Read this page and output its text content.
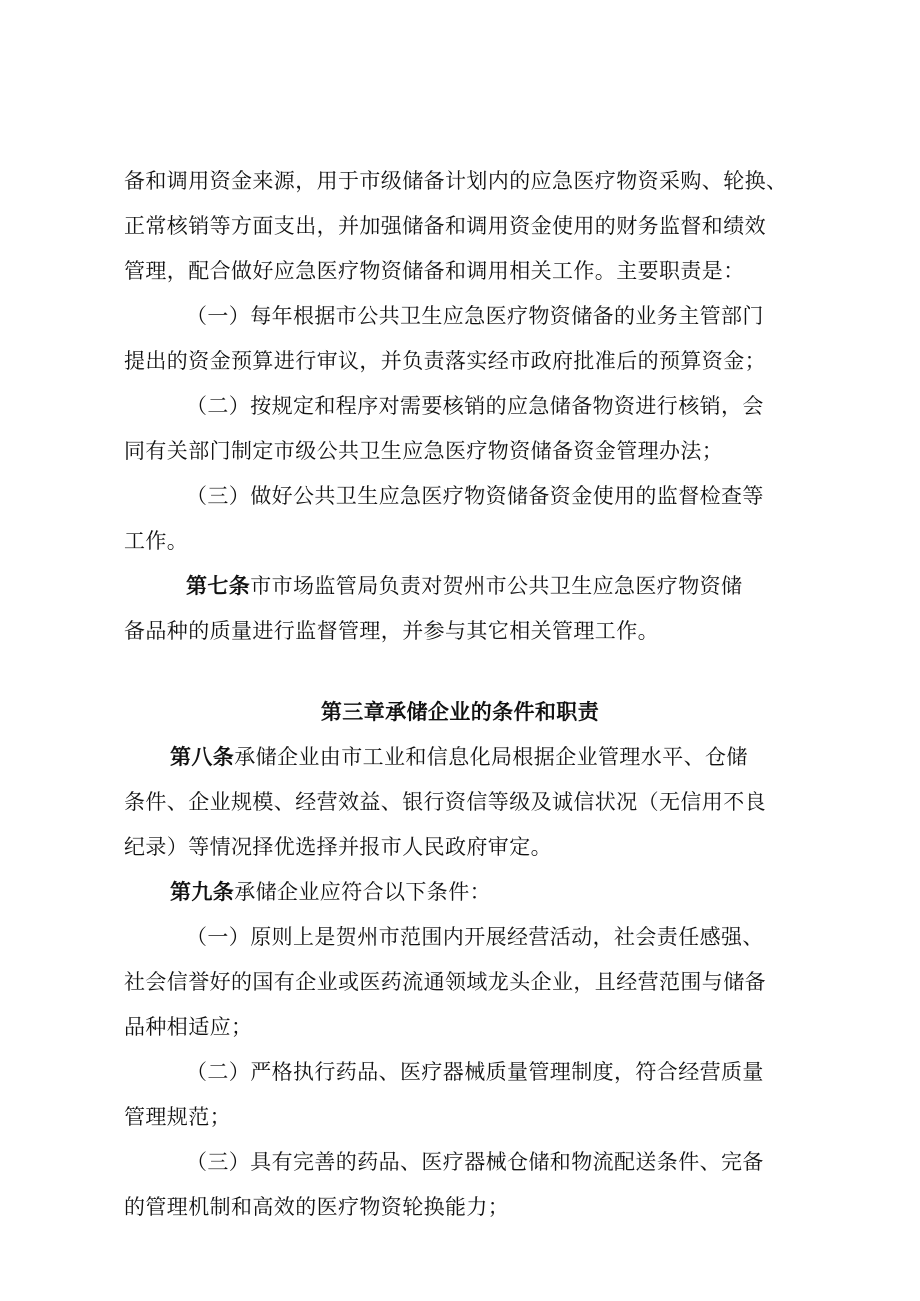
备和调用资金来源，用于市级储备计划内的应急医疗物资采购、轮换、
正常核销等方面支出，并加强储备和调用资金使用的财务监督和绩效
管理，配合做好应急医疗物资储备和调用相关工作。主要职责是：
（一）每年根据市公共卫生应急医疗物资储备的业务主管部门
提出的资金预算进行审议，并负责落实经市政府批准后的预算资金；
（二）按规定和程序对需要核销的应急储备物资进行核销，会
同有关部门制定市级公共卫生应急医疗物资储备资金管理办法；
（三）做好公共卫生应急医疗物资储备资金使用的监督检查等
工作。
第七条市市场监管局负责对贺州市公共卫生应急医疗物资储
备品种的质量进行监督管理，并参与其它相关管理工作。
第三章承储企业的条件和职责
第八条承储企业由市工业和信息化局根据企业管理水平、仓储
条件、企业规模、经营效益、银行资信等级及诚信状况（无信用不良
纪录）等情况择优选择并报市人民政府审定。
第九条承储企业应符合以下条件：
（一）原则上是贺州市范围内开展经营活动，社会责任感强、
社会信誉好的国有企业或医药流通领域龙头企业，且经营范围与储备
品种相适应；
（二）严格执行药品、医疗器械质量管理制度，符合经营质量
管理规范；
（三）具有完善的药品、医疗器械仓储和物流配送条件、完备
的管理机制和高效的医疗物资轮换能力；
